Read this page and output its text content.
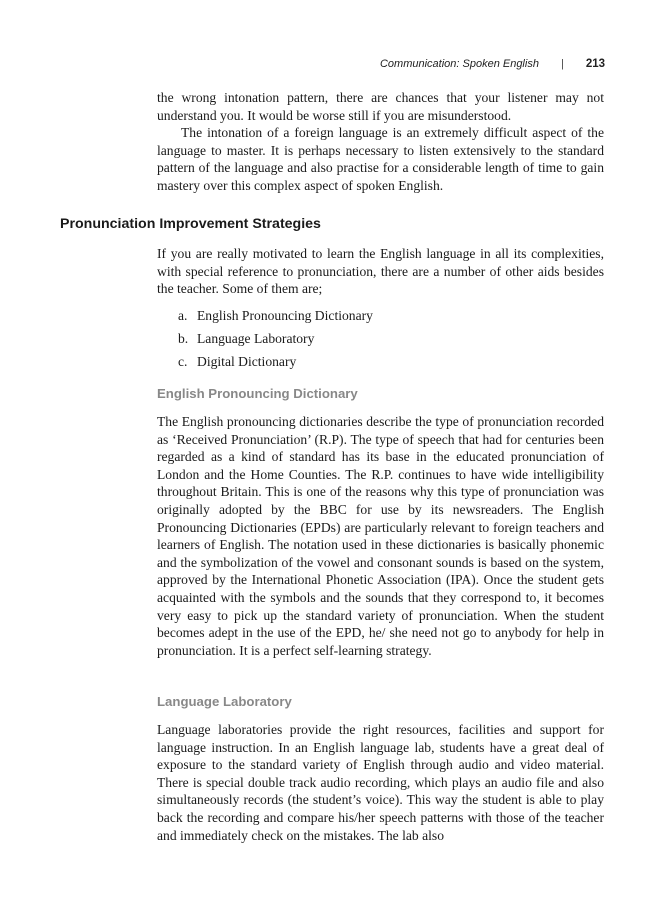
Communication: Spoken English | 213

the wrong intonation pattern, there are chances that your listener may not understand you. It would be worse still if you are misunderstood.

The intonation of a foreign language is an extremely difficult aspect of the language to master. It is perhaps necessary to listen extensively to the standard pattern of the language and also practise for a considerable length of time to gain mastery over this complex aspect of spoken English.

Pronunciation Improvement Strategies

If you are really motivated to learn the English language in all its complexities, with special reference to pronunciation, there are a number of other aids besides the teacher. Some of them are;

a. English Pronouncing Dictionary
b. Language Laboratory
c. Digital Dictionary
English Pronouncing Dictionary

The English pronouncing dictionaries describe the type of pronunciation recorded as ‘Received Pronunciation’ (R.P). The type of speech that had for centuries been regarded as a kind of standard has its base in the educated pronunciation of London and the Home Counties. The R.P. continues to have wide intelligibility throughout Britain. This is one of the reasons why this type of pronunciation was originally adopted by the BBC for use by its newsreaders. The English Pronouncing Dictionaries (EPDs) are particularly relevant to foreign teachers and learners of English. The notation used in these dictionaries is basically phonemic and the symbolization of the vowel and consonant sounds is based on the system, approved by the International Phonetic Association (IPA). Once the student gets acquainted with the symbols and the sounds that they correspond to, it becomes very easy to pick up the standard variety of pronunciation. When the student becomes adept in the use of the EPD, he/ she need not go to anybody for help in pronunciation. It is a perfect self-learning strategy.

Language Laboratory

Language laboratories provide the right resources, facilities and support for language instruction. In an English language lab, students have a great deal of exposure to the standard variety of English through audio and video material. There is special double track audio recording, which plays an audio file and also simultaneously records (the student’s voice). This way the student is able to play back the recording and compare his/her speech patterns with those of the teacher and immediately check on the mistakes. The lab also
